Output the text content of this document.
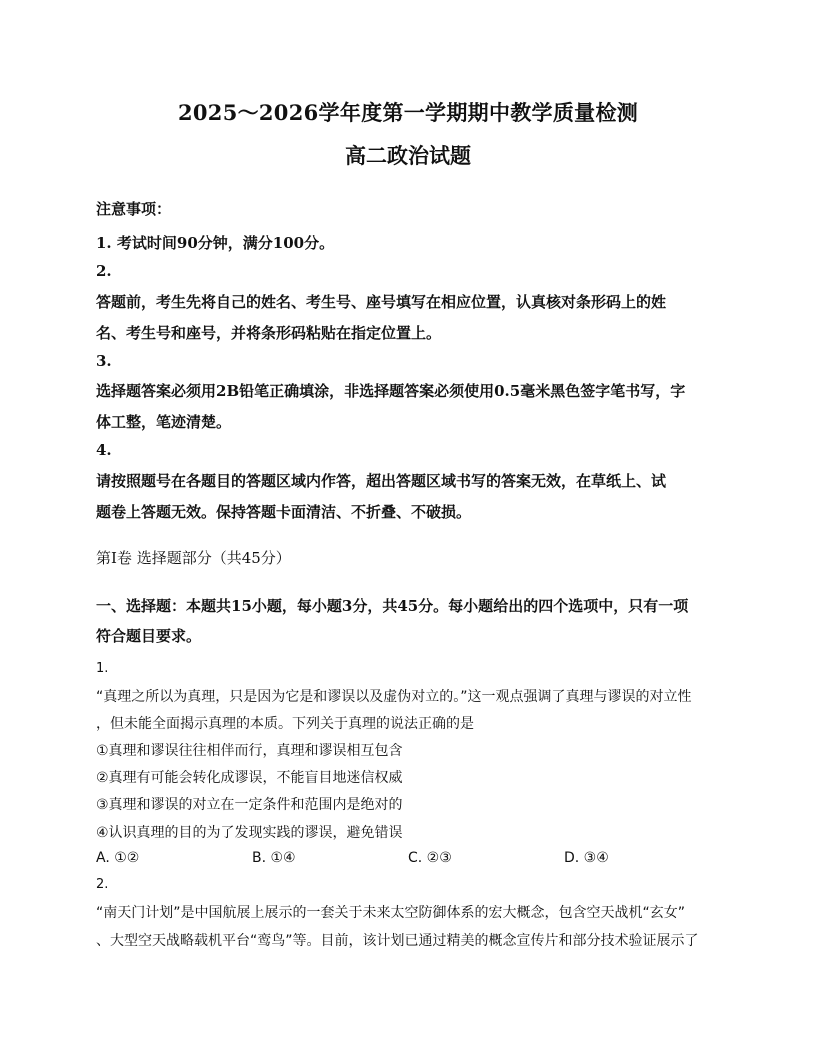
2025～2026学年度第一学期期中教学质量检测
高二政治试题
注意事项：
1. 考试时间90分钟，满分100分。
2.
答题前，考生先将自己的姓名、考生号、座号填写在相应位置，认真核对条形码上的姓
名、考生号和座号，并将条形码粘贴在指定位置上。
3.
选择题答案必须用2B铅笔正确填涂，非选择题答案必须使用0.5毫米黑色签字笔书写，字
体工整，笔迹清楚。
4.
请按照题号在各题目的答题区域内作答，超出答题区域书写的答案无效，在草纸上、试
题卷上答题无效。保持答题卡面清洁、不折叠、不破损。
第Ⅰ卷 选择题部分（共45分）
一、选择题：本题共15小题，每小题3分，共45分。每小题给出的四个选项中，只有一项
符合题目要求。
1.
“真理之所以为真理，只是因为它是和谬误以及虚伪对立的。”这一观点强调了真理与谬误的对立性
，但未能全面揭示真理的本质。下列关于真理的说法正确的是
①真理和谬误往往相伴而行，真理和谬误相互包含
②真理有可能会转化成谬误，不能盲目地迷信权威
③真理和谬误的对立在一定条件和范围内是绝对的
④认识真理的目的为了发现实践的谬误，避免错误
A. ①②	B. ①④	C. ②③	D. ③④
2.
“南天门计划”是中国航展上展示的一套关于未来太空防御体系的宏大概念，包含空天战机“玄女”
、大型空天战略载机平台“鸾鸟”等。目前，该计划已通过精美的概念宣传片和部分技术验证展示了
